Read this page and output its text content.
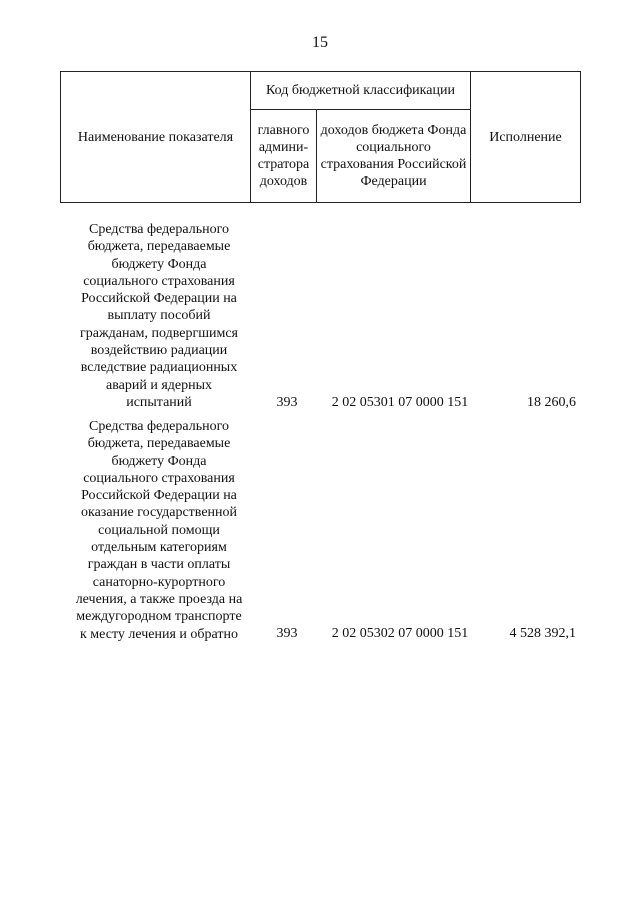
15
Наименование показателя	Код бюджетной классификации		Исполнение
	главного админи-стратора доходов	доходов бюджета Фонда социального страхования Российской Федерации	
Средства федерального
бюджета, передаваемые
бюджету Фонда
социального страхования
Российской Федерации на
выплату пособий
гражданам, подвергшимся
воздействию радиации
вследствие радиационных
аварий и ядерных
испытаний	393	2 02 05301 07 0000 151	18 260,6
Средства федерального
бюджета, передаваемые
бюджету Фонда
социального страхования
Российской Федерации на
оказание государственной
социальной помощи
отдельным категориям
граждан в части оплаты
санаторно-курортного
лечения, а также проезда на
междугородном транспорте
к месту лечения и обратно	393	2 02 05302 07 0000 151	4 528 392,1
